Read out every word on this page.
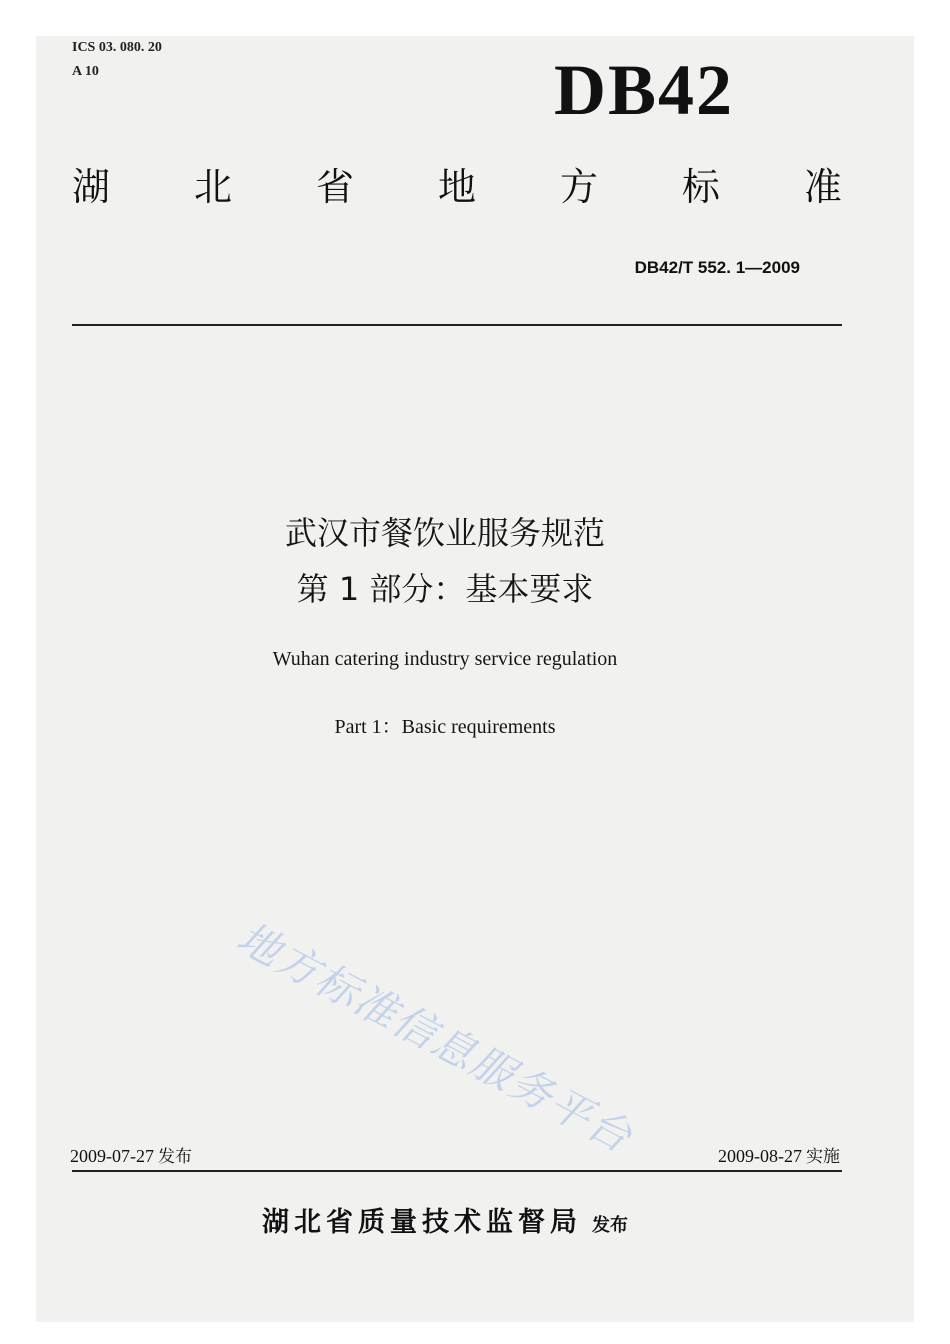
ICS 03. 080. 20
A 10	DB42
湖 北 省 地 方 标 准
DB42/T 552. 1—2009
武汉市餐饮业服务规范
第 1 部分：基本要求
Wuhan catering industry service regulation
Part 1：Basic requirements
地方标准信息服务平台
2009-07-27 发布	2009-08-27 实施
湖北省质量技术监督局 发布
